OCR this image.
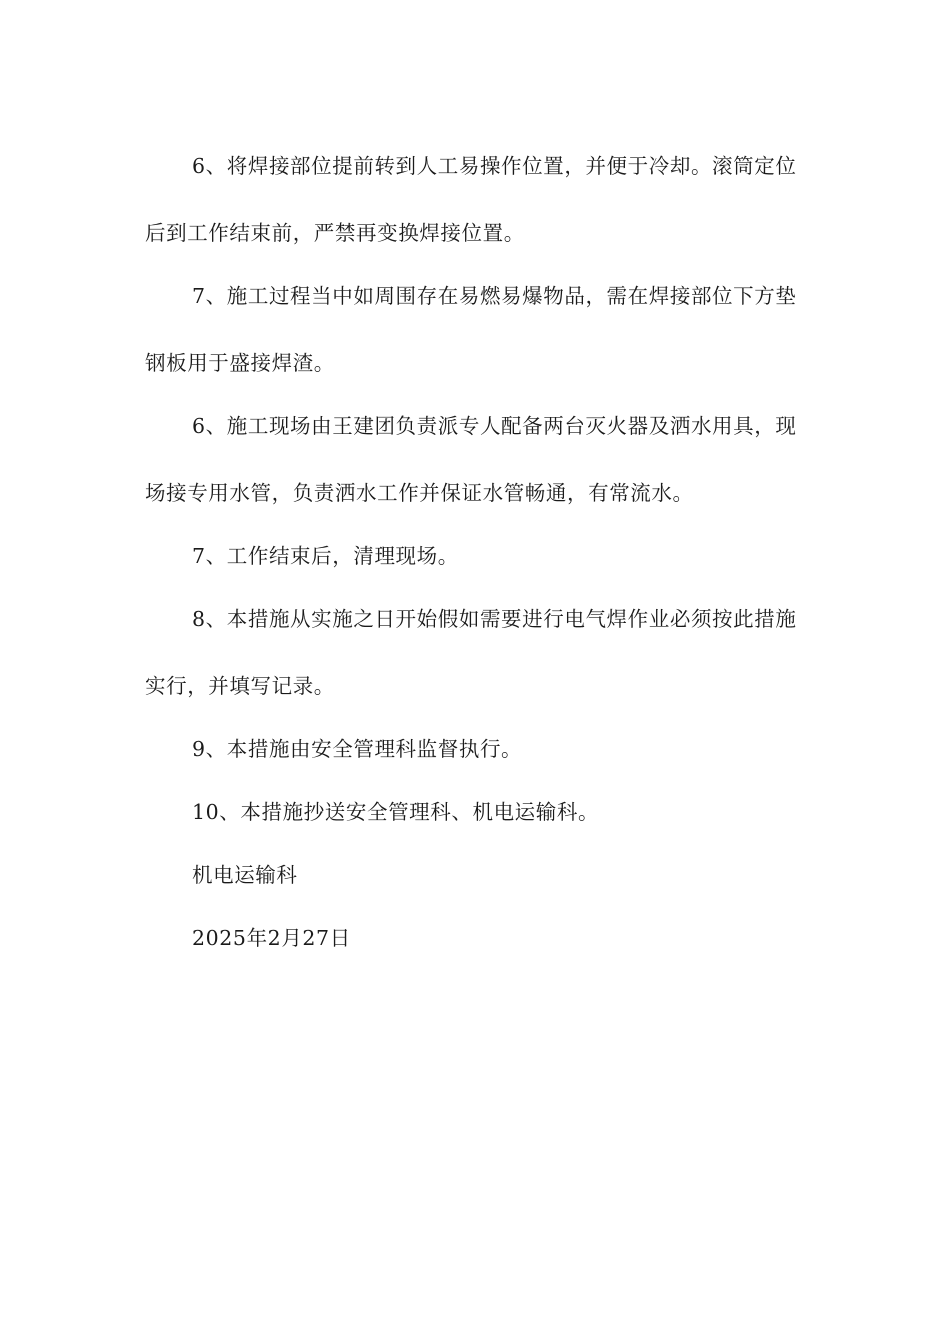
6、将焊接部位提前转到人工易操作位置，并便于冷却。滚筒定位后到工作结束前，严禁再变换焊接位置。

7、施工过程当中如周围存在易燃易爆物品，需在焊接部位下方垫钢板用于盛接焊渣。

6、施工现场由王建团负责派专人配备两台灭火器及洒水用具，现场接专用水管，负责洒水工作并保证水管畅通，有常流水。

7、工作结束后，清理现场。

8、本措施从实施之日开始假如需要进行电气焊作业必须按此措施实行，并填写记录。

9、本措施由安全管理科监督执行。

10、本措施抄送安全管理科、机电运输科。

机电运输科

2025年2月27日
